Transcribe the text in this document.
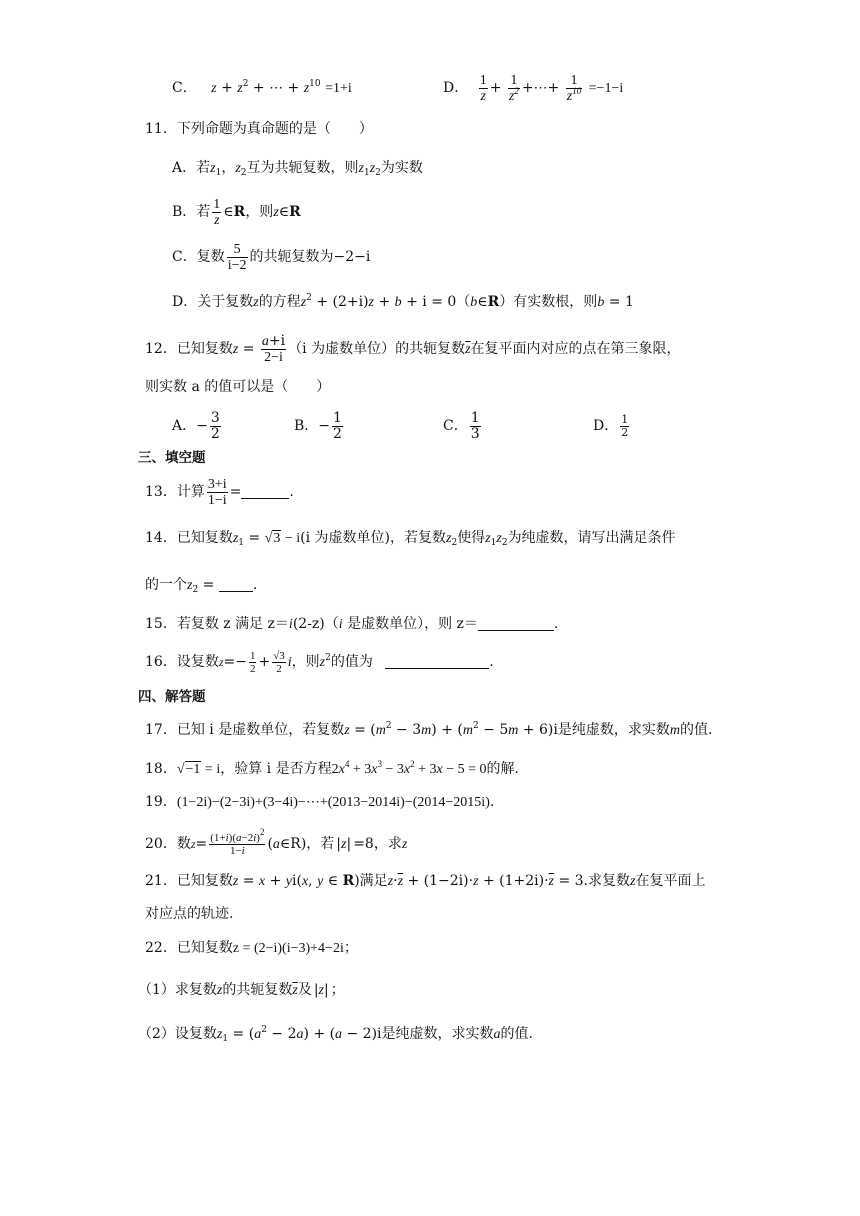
C． $z + z^2$ + ⋯ + $z^{10} =1+i$	D． $\frac{1}{z} + \frac{1}{z^2}$ +⋯+ $\frac{1}{z^{10}} =-1-i$
11．下列命题为真命题的是（　　）
A．若$z_1$，$z_2$互为共轭复数，则$z_1z_2$为实数
B．若 $\frac{1}{z}$ ∈R，则z∈R
C．复数 $\frac{5}{i-2}$ 的共轭复数为−2−i
D．关于复数z的方程$z^2 + (2+i)z + b + i$ = 0（b∈R）有实数根，则b = 1
12．已知复数$z = \frac{a+i}{2-i} (i$ 为虚数单位）的共轭复数$\overline{z}$在复平面内对应的点在第三象限，
则实数 a 的值可以是（　　）
A．− $\frac{3}{2}$	B．− $\frac{1}{2}$	C． $\frac{1}{3}$	D． $\frac{1}{2}$
三、填空题
13．计算 $\frac{3+i}{1-i}$ =	.
14．已知复数$z_1 = √3 - i(i$ 为虚数单位)，若复数$z_2$使得$z_1z_2$为纯虚数，请写出满足条件
的一个$z_2$ = .
15．若复数 z 满足 z＝i(2-z)（i 是虚数单位），则 z＝	.
16．设复数$z=- \frac{1}{2} + \frac{√3}{2}$ i，则$z^2$的值为	.
四、解答题
17．已知 i 是虚数单位，若复数$z = (m^2 - 3m) + (m^2 - 5m + 6)i$是纯虚数，求实数m的值.
18．√−1 = i，验算 i 是否方程$2x^4 + 3x^3 - 3x^2 + 3x - 5 = 0$的解.
19．(1−2i)−(2−3i)+(3−4i)−⋯+(2013−2014i)−(2014−2015i).
20．数$z= \frac{(1+i)(a-2i)^2}{1-i}$ (a∈R)，若 |z| =8，求z
21．已知复数z = x + yi(x, y ∈ R)满足$z\cdot\overline{z} + (1-2i)\cdot z + (1+2i)\cdot\overline{z} = 3$.求复数z在复平面上
对应点的轨迹.
22．已知复数z = (2−i)(i−3)+4−2i；
（1）求复数z的共轭复数$\overline{z}$及 |z| ；
（2）设复数$z_1 = (a^2 - 2a) + (a - 2)i$是纯虚数，求实数a的值.
